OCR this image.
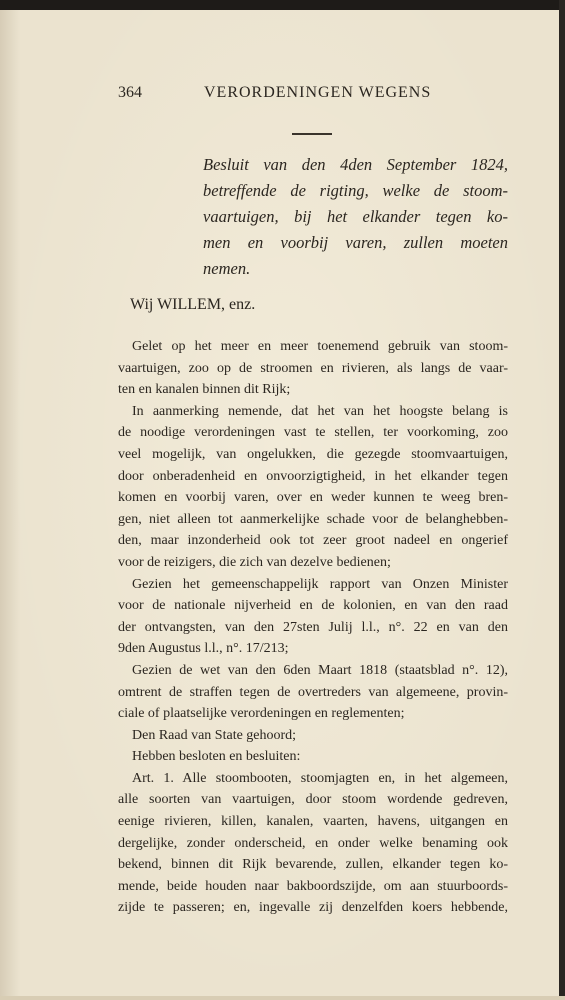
364	VERORDENINGEN WEGENS
Besluit van den 4den September 1824,
betreffende de rigting, welke de stoom-
vaartuigen, bij het elkander tegen ko-
men en voorbij varen, zullen moeten
nemen.
Wij WILLEM, enz.
Gelet op het meer en meer toenemend gebruik van stoom-
vaartuigen, zoo op de stroomen en rivieren, als langs de vaar-
ten en kanalen binnen dit Rijk;
In aanmerking nemende, dat het van het hoogste belang is
de noodige verordeningen vast te stellen, ter voorkoming, zoo
veel mogelijk, van ongelukken, die gezegde stoomvaartuigen,
door onberadenheid en onvoorzigtigheid, in het elkander tegen
komen en voorbij varen, over en weder kunnen te weeg bren-
gen, niet alleen tot aanmerkelijke schade voor de belanghebben-
den, maar inzonderheid ook tot zeer groot nadeel en ongerief
voor de reizigers, die zich van dezelve bedienen;
Gezien het gemeenschappelijk rapport van Onzen Minister
voor de nationale nijverheid en de kolonien, en van den raad
der ontvangsten, van den 27sten Julij l.l., n°. 22 en van den
9den Augustus l.l., n°. 17/213;
Gezien de wet van den 6den Maart 1818 (staatsblad n°. 12),
omtrent de straffen tegen de overtreders van algemeene, provin-
ciale of plaatselijke verordeningen en reglementen;
Den Raad van State gehoord;
Hebben besloten en besluiten:
Art. 1. Alle stoombooten, stoomjagten en, in het algemeen,
alle soorten van vaartuigen, door stoom wordende gedreven,
eenige rivieren, killen, kanalen, vaarten, havens, uitgangen en
dergelijke, zonder onderscheid, en onder welke benaming ook
bekend, binnen dit Rijk bevarende, zullen, elkander tegen ko-
mende, beide houden naar bakboordszijde, om aan stuurboords-
zijde te passeren; en, ingevalle zij denzelfden koers hebbende,
